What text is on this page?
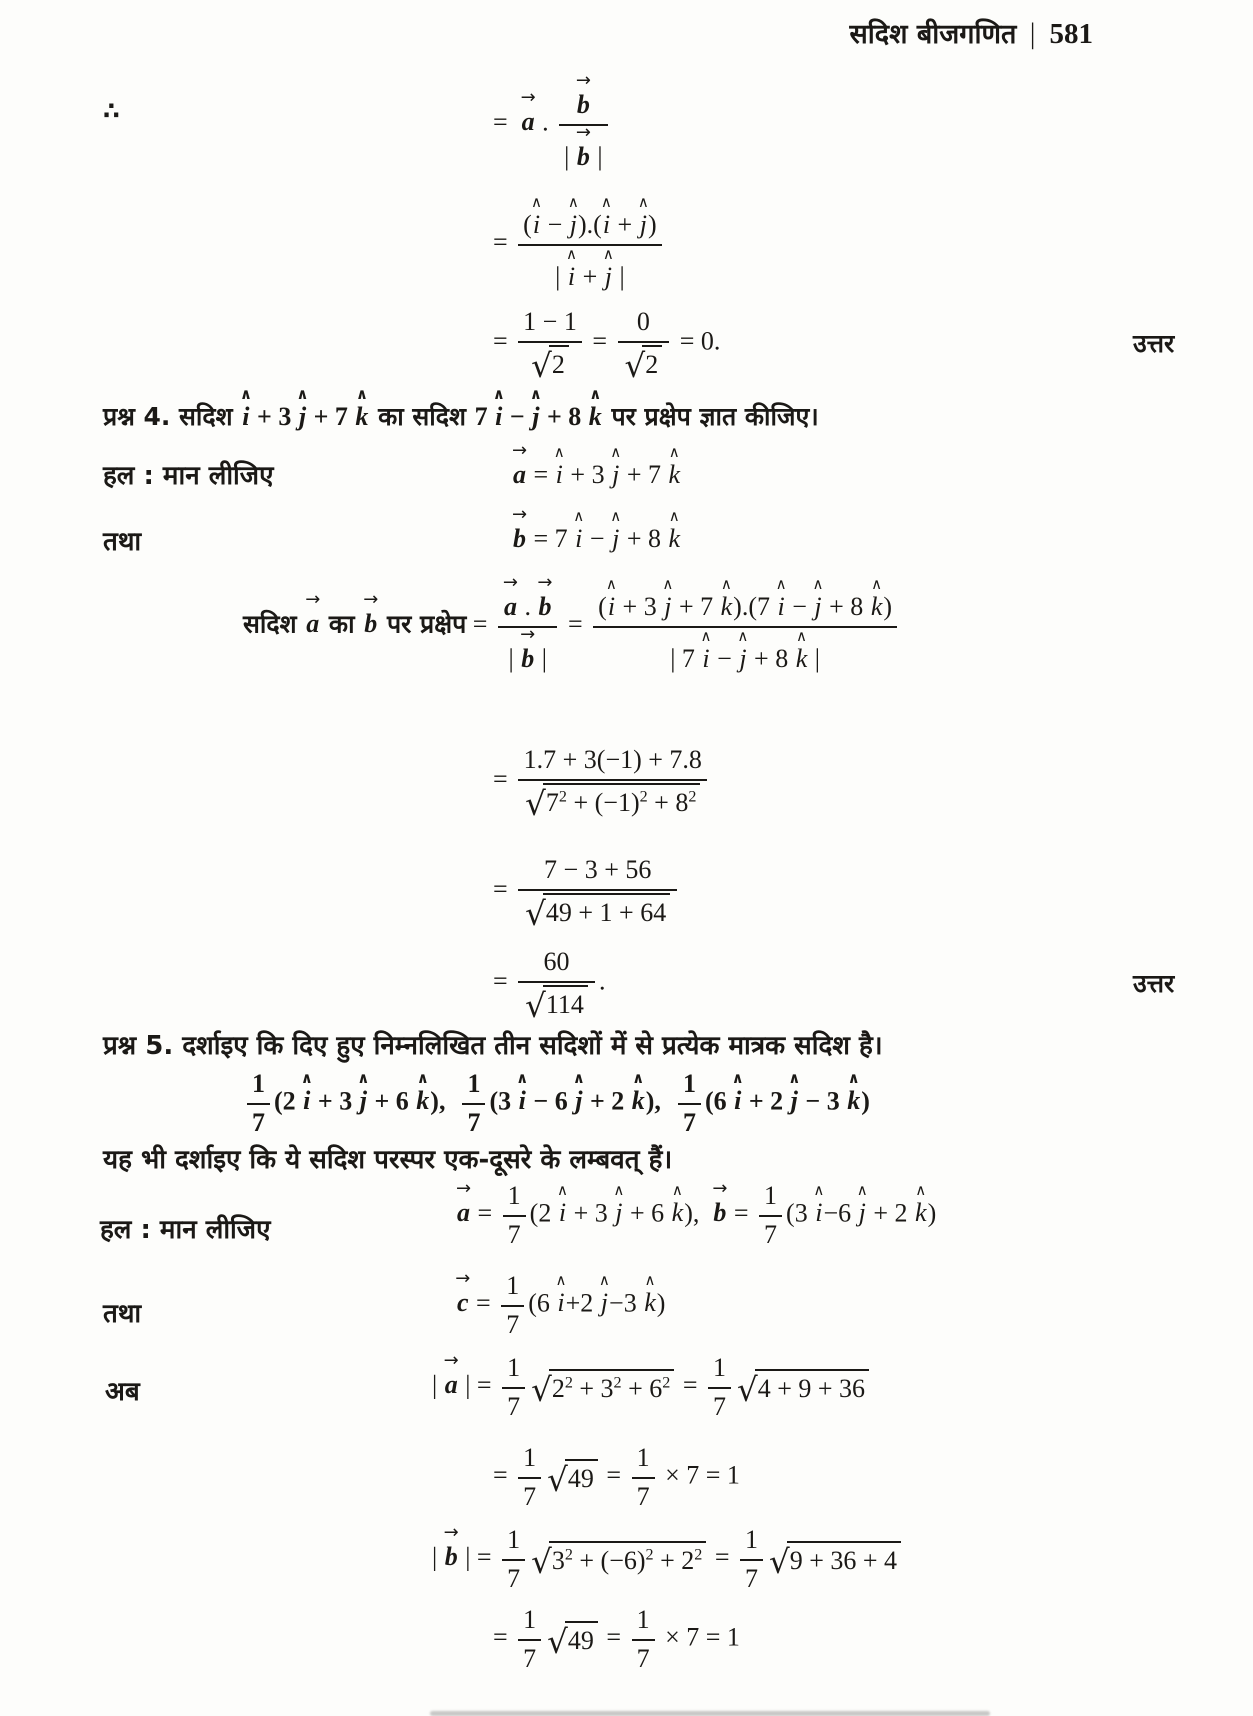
सदिश बीजगणित | 581
∴	=
→
a . →
b
|
→
b |
= (
∧
i −
∧
j).(
∧
i +
∧
j)
|
∧
i +
∧
j |
= $\frac{1 - 1}{√ 2} = \frac{0}{√ 2} = 0$.	उत्तर
प्रश्न 4. सदिश
∧
i + 3
∧
j + 7
∧
k का सदिश 7
∧
i −
∧
j + 8
∧
k पर प्रक्षेप ज्ञात कीजिए।
हल : मान लीजिए
→
a =
∧
i + 3
∧
j + 7
∧
k
तथा
→
b = 7
∧
i −
∧
j + 8
∧
k
सदिश
→
a का
→
b पर प्रक्षेप = →
a .
→
b
|
→
b | = (
∧
i + 3
∧
j + 7
∧
k).(7
∧
i −
∧
j + 8
∧
k)
| 7
∧
i −
∧
j + 8
∧
k |
= $\frac{1.7 + 3(-1) + 7.8}{√ 7^2 + (-1)^2 + 8^2}$
= $\frac{7 - 3 + 56}{√ 49 + 1 + 64}$
= $\frac{60}{√ 114}$ .	उत्तर
प्रश्न 5. दर्शाइए कि दिए हुए निम्नलिखित तीन सदिशों में से प्रत्येक मात्रक सदिश है।
$\frac{1}{7} (2$
∧
i + 3
∧
j + 6
∧
k), $\frac{1}{7} (3$
∧
i − 6
∧
j + 2
∧
k), $\frac{1}{7} (6$
∧
i + 2
∧
j − 3
∧
k)
यह भी दर्शाइए कि ये सदिश परस्पर एक-दूसरे के लम्बवत् हैं।
हल : मान लीजिए
→
$a = \frac{1}{7} (2$
∧
i + 3
∧
j + 6
∧
k),
→
$b = \frac{1}{7} (3$
∧
i−6
∧
j + 2
∧
k)
तथा
→
$c = \frac{1}{7} (6$
∧
i+2
∧
j−3
∧
k)
अब	|
→
a | = $\frac{1}{7}$ √ $2^2 + 3^2 + 6^2 = \frac{1}{7}$ √ 4 + 9 + 36
= $\frac{1}{7}$ √ $49 = \frac{1}{7} \times 7 = 1$
|
→
b | = $\frac{1}{7}$ √ $3^2 + (-6)^2 + 2^2 = \frac{1}{7}$ √ 9 + 36 + 4
= $\frac{1}{7}$ √ $49 = \frac{1}{7} \times 7 = 1$
